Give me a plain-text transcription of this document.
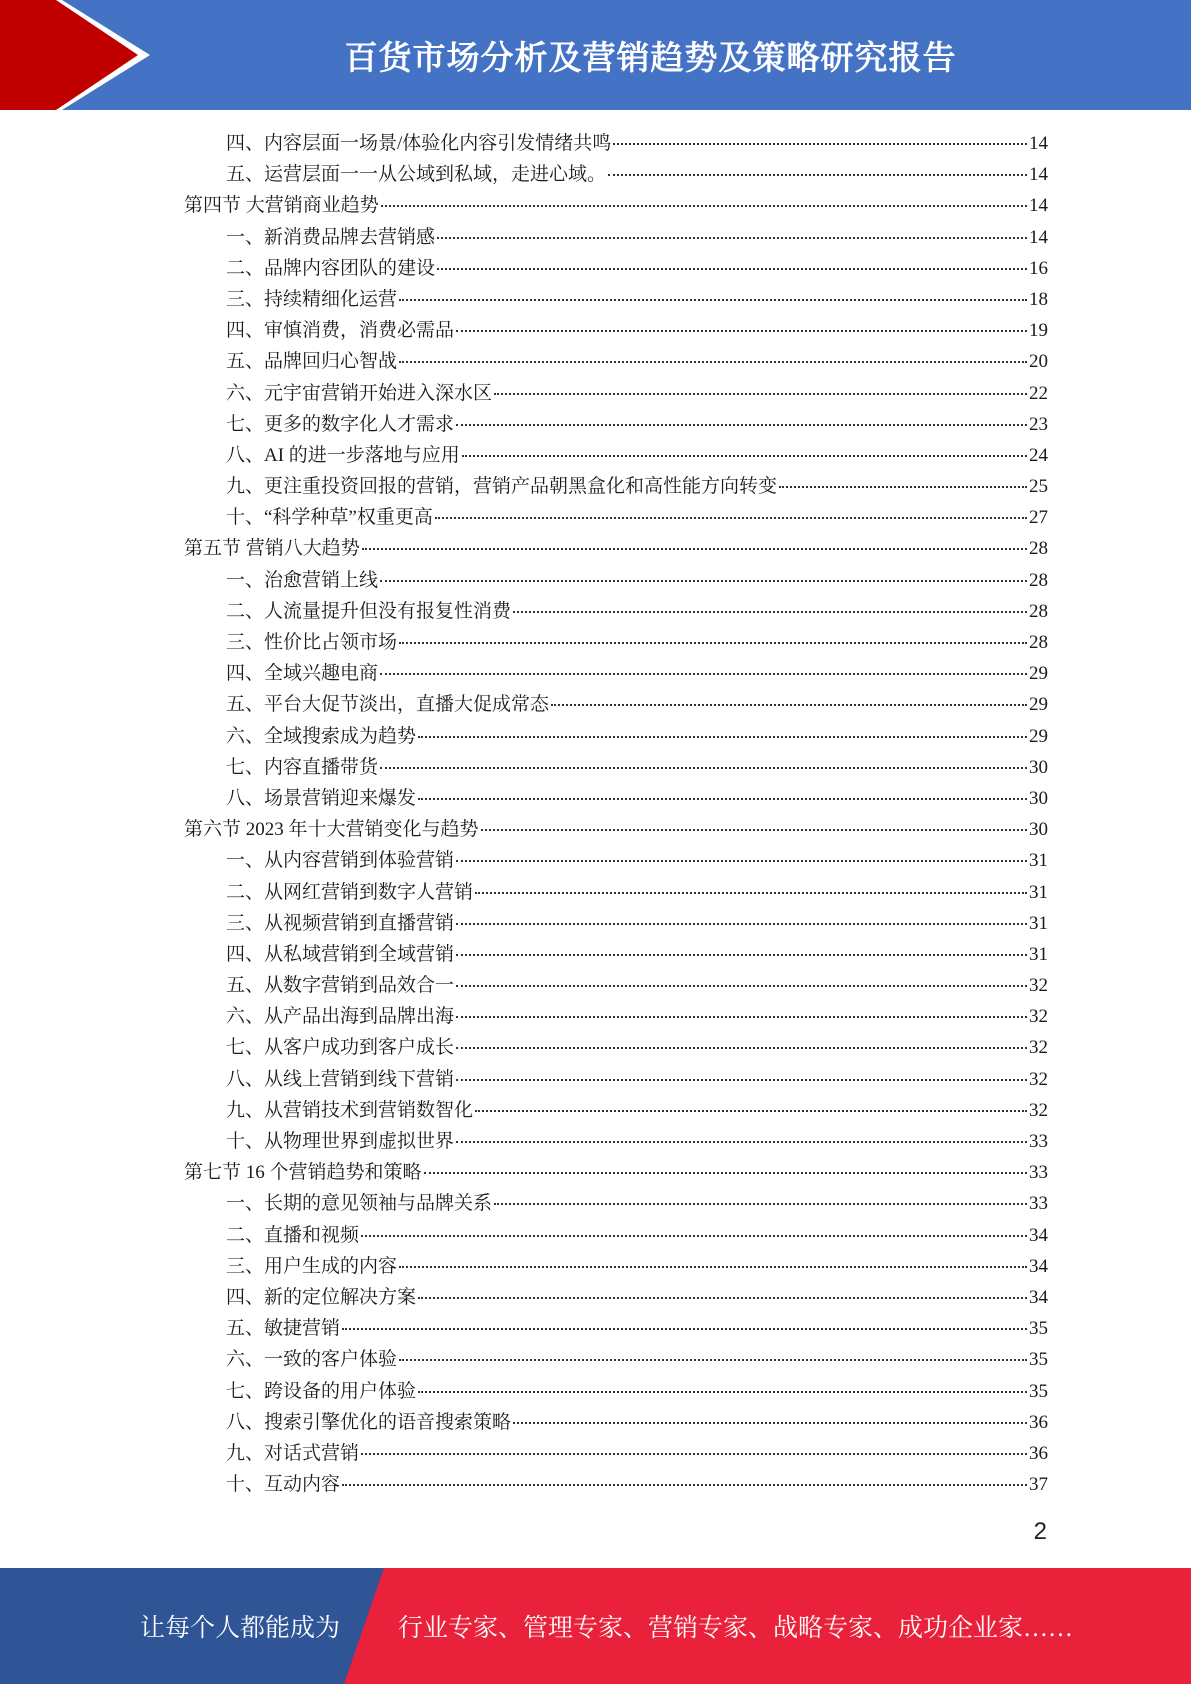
百货市场分析及营销趋势及策略研究报告
四、内容层面一场景/体验化内容引发情绪共鸣	14
五、运营层面一一从公域到私域，走进心域。	14
第四节 大营销商业趋势	14
一、新消费品牌去营销感	14
二、品牌内容团队的建设	16
三、持续精细化运营	18
四、审慎消费，消费必需品	19
五、品牌回归心智战	20
六、元宇宙营销开始进入深水区	22
七、更多的数字化人才需求	23
八、AI 的进一步落地与应用	24
九、更注重投资回报的营销，营销产品朝黑盒化和高性能方向转变	25
十、“科学种草”权重更高	27
第五节 营销八大趋势	28
一、治愈营销上线	28
二、人流量提升但没有报复性消费	28
三、性价比占领市场	28
四、全域兴趣电商	29
五、平台大促节淡出，直播大促成常态	29
六、全域搜索成为趋势	29
七、内容直播带货	30
八、场景营销迎来爆发	30
第六节 2023 年十大营销变化与趋势	30
一、从内容营销到体验营销	31
二、从网红营销到数字人营销	31
三、从视频营销到直播营销	31
四、从私域营销到全域营销	31
五、从数字营销到品效合一	32
六、从产品出海到品牌出海	32
七、从客户成功到客户成长	32
八、从线上营销到线下营销	32
九、从营销技术到营销数智化	32
十、从物理世界到虚拟世界	33
第七节 16 个营销趋势和策略	33
一、长期的意见领袖与品牌关系	33
二、直播和视频	34
三、用户生成的内容	34
四、新的定位解决方案	34
五、敏捷营销	35
六、一致的客户体验	35
七、跨设备的用户体验	35
八、搜索引擎优化的语音搜索策略	36
九、对话式营销	36
十、互动内容	37
2
让每个人都能成为 行业专家、管理专家、营销专家、战略专家、成功企业家……
